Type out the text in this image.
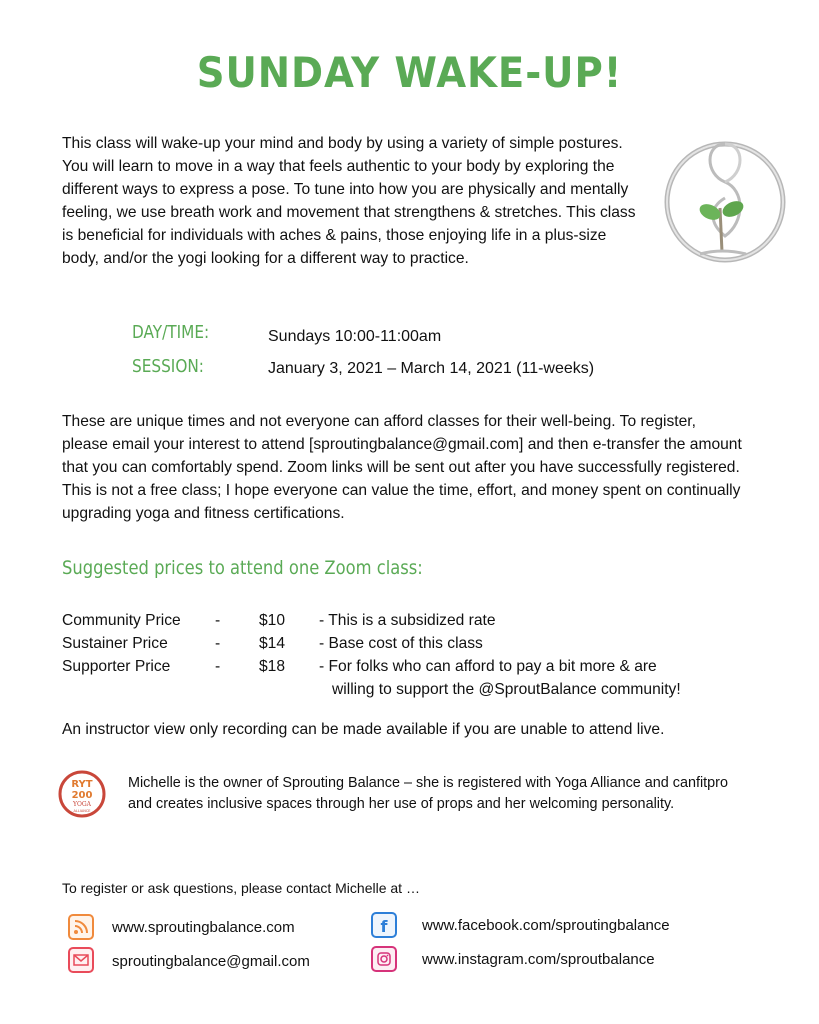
SUNDAY WAKE-UP!
This class will wake-up your mind and body by using a variety of simple postures. You will learn to move in a way that feels authentic to your body by exploring the different ways to express a pose. To tune into how you are physically and mentally feeling, we use breath work and movement that strengthens & stretches. This class is beneficial for individuals with aches & pains, those enjoying life in a plus-size body, and/or the yogi looking for a different way to practice.
DAY/TIME:	Sundays 10:00-11:00am
SESSION:	January 3, 2021 – March 14, 2021 (11-weeks)
These are unique times and not everyone can afford classes for their well-being. To register, please email your interest to attend [sproutingbalance@gmail.com] and then e-transfer the amount that you can comfortably spend. Zoom links will be sent out after you have successfully registered. This is not a free class; I hope everyone can value the time, effort, and money spent on continually upgrading yoga and fitness certifications.
Suggested prices to attend one Zoom class:
Community Price - $10 - This is a subsidized rate
Sustainer Price	- $14 - Base cost of this class
Supporter Price	- $18 - For folks who can afford to pay a bit more & are
willing to support the @SproutBalance community!
An instructor view only recording can be made available if you are unable to attend live.
RYT
200
YOGA
ALLIANCE
Michelle is the owner of Sprouting Balance – she is registered with Yoga Alliance and canfitpro and creates inclusive spaces through her use of props and her welcoming personality.
To register or ask questions, please contact Michelle at …
www.sproutingbalance.com
sproutingbalance@gmail.com
f www.facebook.com/sproutingbalance
www.instagram.com/sproutbalance
